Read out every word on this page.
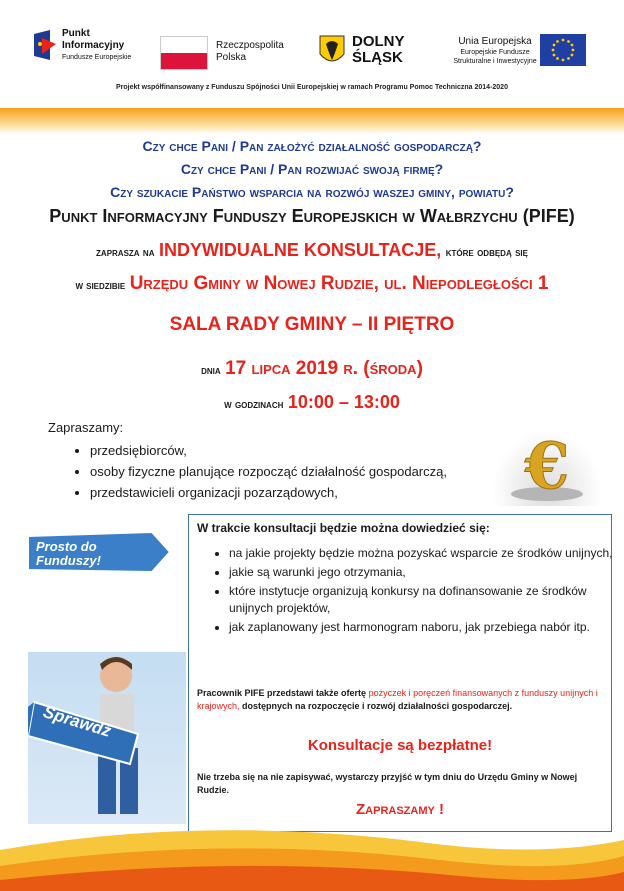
Punkt
Informacyjny
Fundusze Europejskie
Rzeczpospolita
Polska
DOLNY
ŚLĄSK
Unia Europejska
Europejskie Fundusze
Strukturalne i Inwestycyjne
Projekt współfinansowany z Funduszu Spójności Unii Europejskiej w ramach Programu Pomoc Techniczna 2014-2020
Czy chce Pani / Pan założyć działalność gospodarczą?
Czy chce Pani / Pan rozwijać swoją firmę?
Czy szukacie Państwo wsparcia na rozwój waszej gminy, powiatu?
Punkt Informacyjny Funduszy Europejskich w Wałbrzychu (PIFE)
zaprasza na INDYWIDUALNE KONSULTACJE, które odbędą się
w siedzibie Urzędu Gminy w Nowej Rudzie, ul. Niepodległości 1
SALA RADY GMINY – II PIĘTRO
dnia 17 lipca 2019 r. (środa)
w godzinach 10:00 – 13:00
Zapraszamy:
• przedsiębiorców,
• osoby fizyczne planujące rozpocząć działalność gospodarczą,
• przedstawicieli organizacji pozarządowych,	€
Prosto do Funduszy!
Sprawdź
W trakcie konsultacji będzie można dowiedzieć się:
• na jakie projekty będzie można pozyskać wsparcie ze środków unijnych,
• jakie są warunki jego otrzymania,
• które instytucje organizują konkursy na dofinansowanie ze środków unijnych projektów,
• jak zaplanowany jest harmonogram naboru, jak przebiega nabór itp.
Pracownik PIFE przedstawi także ofertę pożyczek i poręczeń finansowanych z funduszy unijnych i krajowych, dostępnych na rozpoczęcie i rozwój działalności gospodarczej.
Konsultacje są bezpłatne!
Nie trzeba się na nie zapisywać, wystarczy przyjść w tym dniu do Urzędu Gminy w Nowej Rudzie.
Zapraszamy !
